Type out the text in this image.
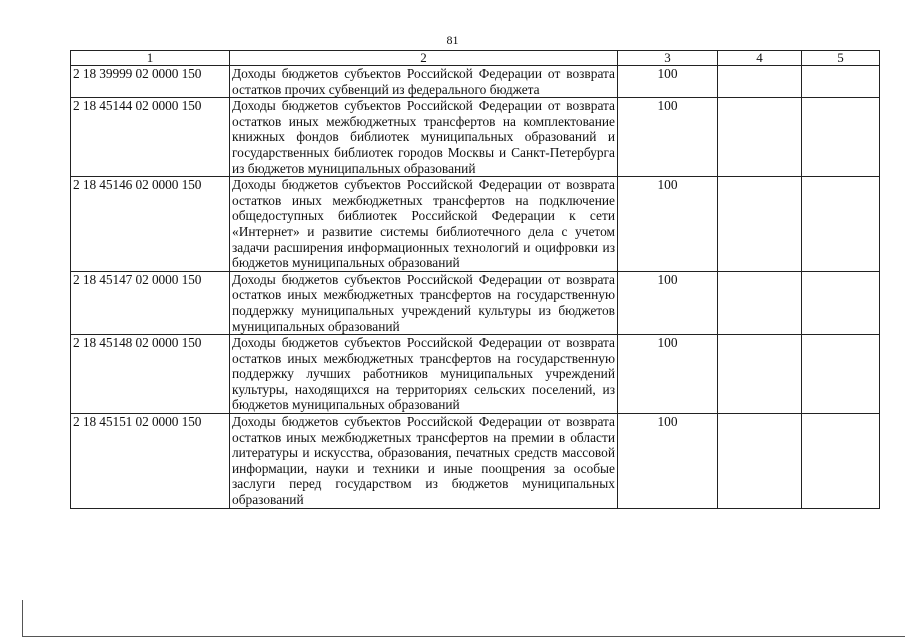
81
1	2	3	4	5
2 18 39999 02 0000 150	Доходы бюджетов субъектов Российской Федерации от возврата остатков прочих субвенций из федерального бюджета	100		
2 18 45144 02 0000 150	Доходы бюджетов субъектов Российской Федерации от возврата остатков иных межбюджетных трансфертов на комплектование книжных фондов библиотек муниципальных образований и государственных библиотек городов Москвы и Санкт-Петербурга из бюджетов муниципальных образований	100		
2 18 45146 02 0000 150	Доходы бюджетов субъектов Российской Федерации от возврата остатков иных межбюджетных трансфертов на подключение общедоступных библиотек Российской Федерации к сети «Интернет» и развитие системы библиотечного дела с учетом задачи расширения информационных технологий и оцифровки из бюджетов муниципальных образований	100		
2 18 45147 02 0000 150	Доходы бюджетов субъектов Российской Федерации от возврата остатков иных межбюджетных трансфертов на государственную поддержку муниципальных учреждений культуры из бюджетов муниципальных образований	100		
2 18 45148 02 0000 150	Доходы бюджетов субъектов Российской Федерации от возврата остатков иных межбюджетных трансфертов на государственную поддержку лучших работников муниципальных учреждений культуры, находящихся на территориях сельских поселений, из бюджетов муниципальных образований	100		
2 18 45151 02 0000 150	Доходы бюджетов субъектов Российской Федерации от возврата остатков иных межбюджетных трансфертов на премии в области литературы и искусства, образования, печатных средств массовой информации, науки и техники и иные поощрения за особые заслуги перед государством из бюджетов муниципальных образований	100		
